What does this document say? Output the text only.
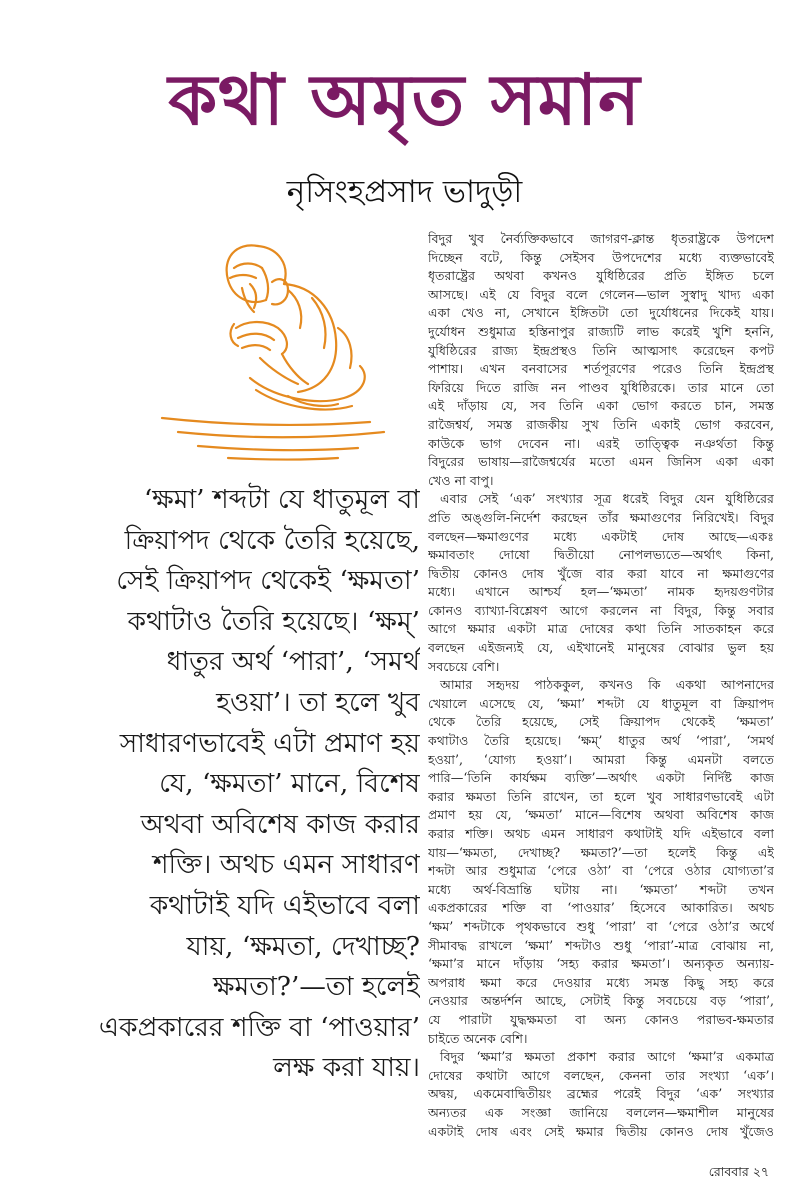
কথা অমৃত সমান
নৃসিংহপ্রসাদ ভাদুড়ী
‘ক্ষমা’ শব্দটা যে ধাতুমূল বা
ক্রিয়াপদ থেকে তৈরি হয়েছে,
সেই ক্রিয়াপদ থেকেই ‘ক্ষমতা’
কথাটাও তৈরি হয়েছে। ‘ক্ষম্‌’
ধাতুর অর্থ ‘পারা’, ‘সমর্থ
হওয়া’। তা হলে খুব
সাধারণভাবেই এটা প্রমাণ হয়
যে, ‘ক্ষমতা’ মানে, বিশেষ
অথবা অবিশেষ কাজ করার
শক্তি। অথচ এমন সাধারণ
কথাটাই যদি এইভাবে বলা
যায়, ‘ক্ষমতা, দেখাচ্ছ?
ক্ষমতা?’—তা হলেই
একপ্রকারের শক্তি বা ‘পাওয়ার’
লক্ষ করা যায়।
বিদুর খুব নৈর্ব্যক্তিকভাবে জাগরণ-ক্লান্ত ধৃতরাষ্ট্রকে উপদেশ
দিচ্ছেন বটে, কিন্তু সেইসব উপদেশের মধ্যে ব্যক্তভাবেই
ধৃতরাষ্ট্রের অথবা কখনও যুধিষ্ঠিরের প্রতি ইঙ্গিত চলে
আসছে। এই যে বিদুর বলে গেলেন—ভাল সুস্বাদু খাদ্য একা
একা খেও না, সেখানে ইঙ্গিতটা তো দুর্যোধনের দিকেই যায়।
দুর্যোধন শুধুমাত্র হস্তিনাপুর রাজ্যটি লাভ করেই খুশি হননি,
যুধিষ্ঠিরের রাজ্য ইন্দ্রপ্রস্থও তিনি আত্মসাৎ করেছেন কপট
পাশায়। এখন বনবাসের শর্তপূরণের পরেও তিনি ইন্দ্রপ্রস্থ
ফিরিয়ে দিতে রাজি নন পাণ্ডব যুধিষ্ঠিরকে। তার মানে তো
এই দাঁড়ায় যে, সব তিনি একা ভোগ করতে চান, সমস্ত
রাজৈশ্বর্য, সমস্ত রাজকীয় সুখ তিনি একাই ভোগ করবেন,
কাউকে ভাগ দেবেন না। এরই তাত্ত্বিক নঞর্থতা কিন্তু
বিদুরের ভাষায়—রাজৈশ্বর্যের মতো এমন জিনিস একা একা
খেও না বাপু।
এবার সেই ‘এক’ সংখ্যার সূত্র ধরেই বিদুর যেন যুধিষ্ঠিরের
প্রতি অঙ্গুলি-নির্দেশ করছেন তাঁর ক্ষমাগুণের নিরিখেই। বিদুর
বলছেন—ক্ষমাগুণের মধ্যে একটাই দোষ আছে—একঃ
ক্ষমাবতাং দোষো দ্বিতীয়ো নোপলভ্যতে—অর্থাৎ কিনা,
দ্বিতীয় কোনও দোষ খুঁজে বার করা যাবে না ক্ষমাগুণের
মধ্যে। এখানে আশ্চর্য হল—‘ক্ষমতা’ নামক হৃদয়গুণটার
কোনও ব্যাখ্যা-বিশ্লেষণ আগে করলেন না বিদুর, কিন্তু সবার
আগে ক্ষমার একটা মাত্র দোষের কথা তিনি সাতকাহন করে
বলছেন এইজন্যই যে, এইখানেই মানুষের বোঝার ভুল হয়
সবচেয়ে বেশি।
আমার সহৃদয় পাঠককুল, কখনও কি একথা আপনাদের
খেয়ালে এসেছে যে, ‘ক্ষমা’ শব্দটা যে ধাতুমূল বা ক্রিয়াপদ
থেকে তৈরি হয়েছে, সেই ক্রিয়াপদ থেকেই ‘ক্ষমতা’
কথাটাও তৈরি হয়েছে। ‘ক্ষম্‌’ ধাতুর অর্থ ‘পারা’, ‘সমর্থ
হওয়া’, ‘যোগ্য হওয়া’। আমরা কিন্তু এমনটা বলতে
পারি—‘তিনি কার্যক্ষম ব্যক্তি’—অর্থাৎ একটা নির্দিষ্ট কাজ
করার ক্ষমতা তিনি রাখেন, তা হলে খুব সাধারণভাবেই এটা
প্রমাণ হয় যে, ‘ক্ষমতা’ মানে—বিশেষ অথবা অবিশেষ কাজ
করার শক্তি। অথচ এমন সাধারণ কথাটাই যদি এইভাবে বলা
যায়—‘ক্ষমতা, দেখাচ্ছ? ক্ষমতা?’—তা হলেই কিন্তু এই
শব্দটা আর শুধুমাত্র ‘পেরে ওঠা’ বা ‘পেরে ওঠার যোগ্যতা’র
মধ্যে অর্থ-বিভ্রান্তি ঘটায় না। ‘ক্ষমতা’ শব্দটা তখন
একপ্রকারের শক্তি বা ‘পাওয়ার’ হিসেবে আকারিত। অথচ
‘ক্ষম’ শব্দটাকে পৃথকভাবে শুধু ‘পারা’ বা ‘পেরে ওঠা’র অর্থে
সীমাবদ্ধ রাখলে ‘ক্ষমা’ শব্দটাও শুধু ‘পারা’-মাত্র বোঝায় না,
‘ক্ষমা’র মানে দাঁড়ায় ‘সহ্য করার ক্ষমতা’। অন্যকৃত অন্যায়-
অপরাধ ক্ষমা করে দেওয়ার মধ্যে সমস্ত কিছু সহ্য করে
নেওয়ার অন্তর্দর্শন আছে, সেটাই কিন্তু সবচেয়ে বড় ‘পারা’,
যে পারাটা যুদ্ধক্ষমতা বা অন্য কোনও পরাভব-ক্ষমতার
চাইতে অনেক বেশি।
বিদুর ‘ক্ষমা’র ক্ষমতা প্রকাশ করার আগে ‘ক্ষমা’র একমাত্র
দোষের কথাটা আগে বলছেন, কেননা তার সংখ্যা ‘এক’।
অদ্বয়, একমেবাদ্বিতীয়ং ব্রহ্মের পরেই বিদুর ‘এক’ সংখ্যার
অন্যতর এক সংজ্ঞা জানিয়ে বললেন—ক্ষমাশীল মানুষের
একটাই দোষ এবং সেই ক্ষমার দ্বিতীয় কোনও দোষ খুঁজেও
রোববার ২৭
